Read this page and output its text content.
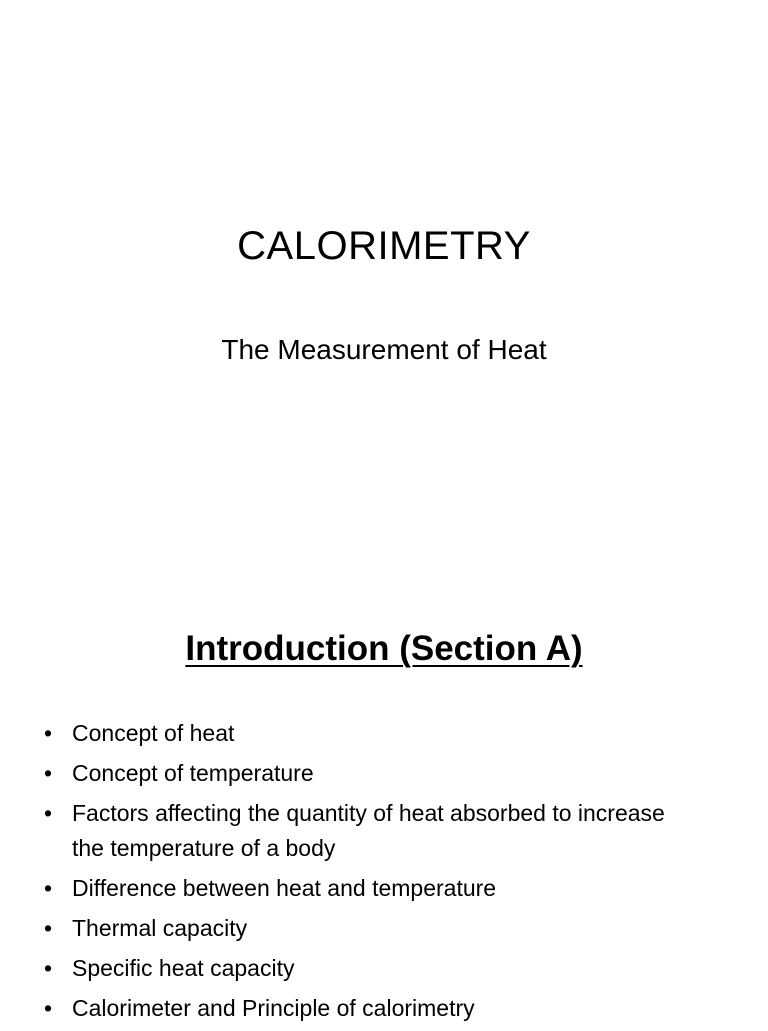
CALORIMETRY
The Measurement of Heat
Introduction (Section A)
• Concept of heat
• Concept of temperature
• Factors affecting the quantity of heat absorbed to increase the temperature of a body
• Difference between heat and temperature
• Thermal capacity
• Specific heat capacity
• Calorimeter and Principle of calorimetry
